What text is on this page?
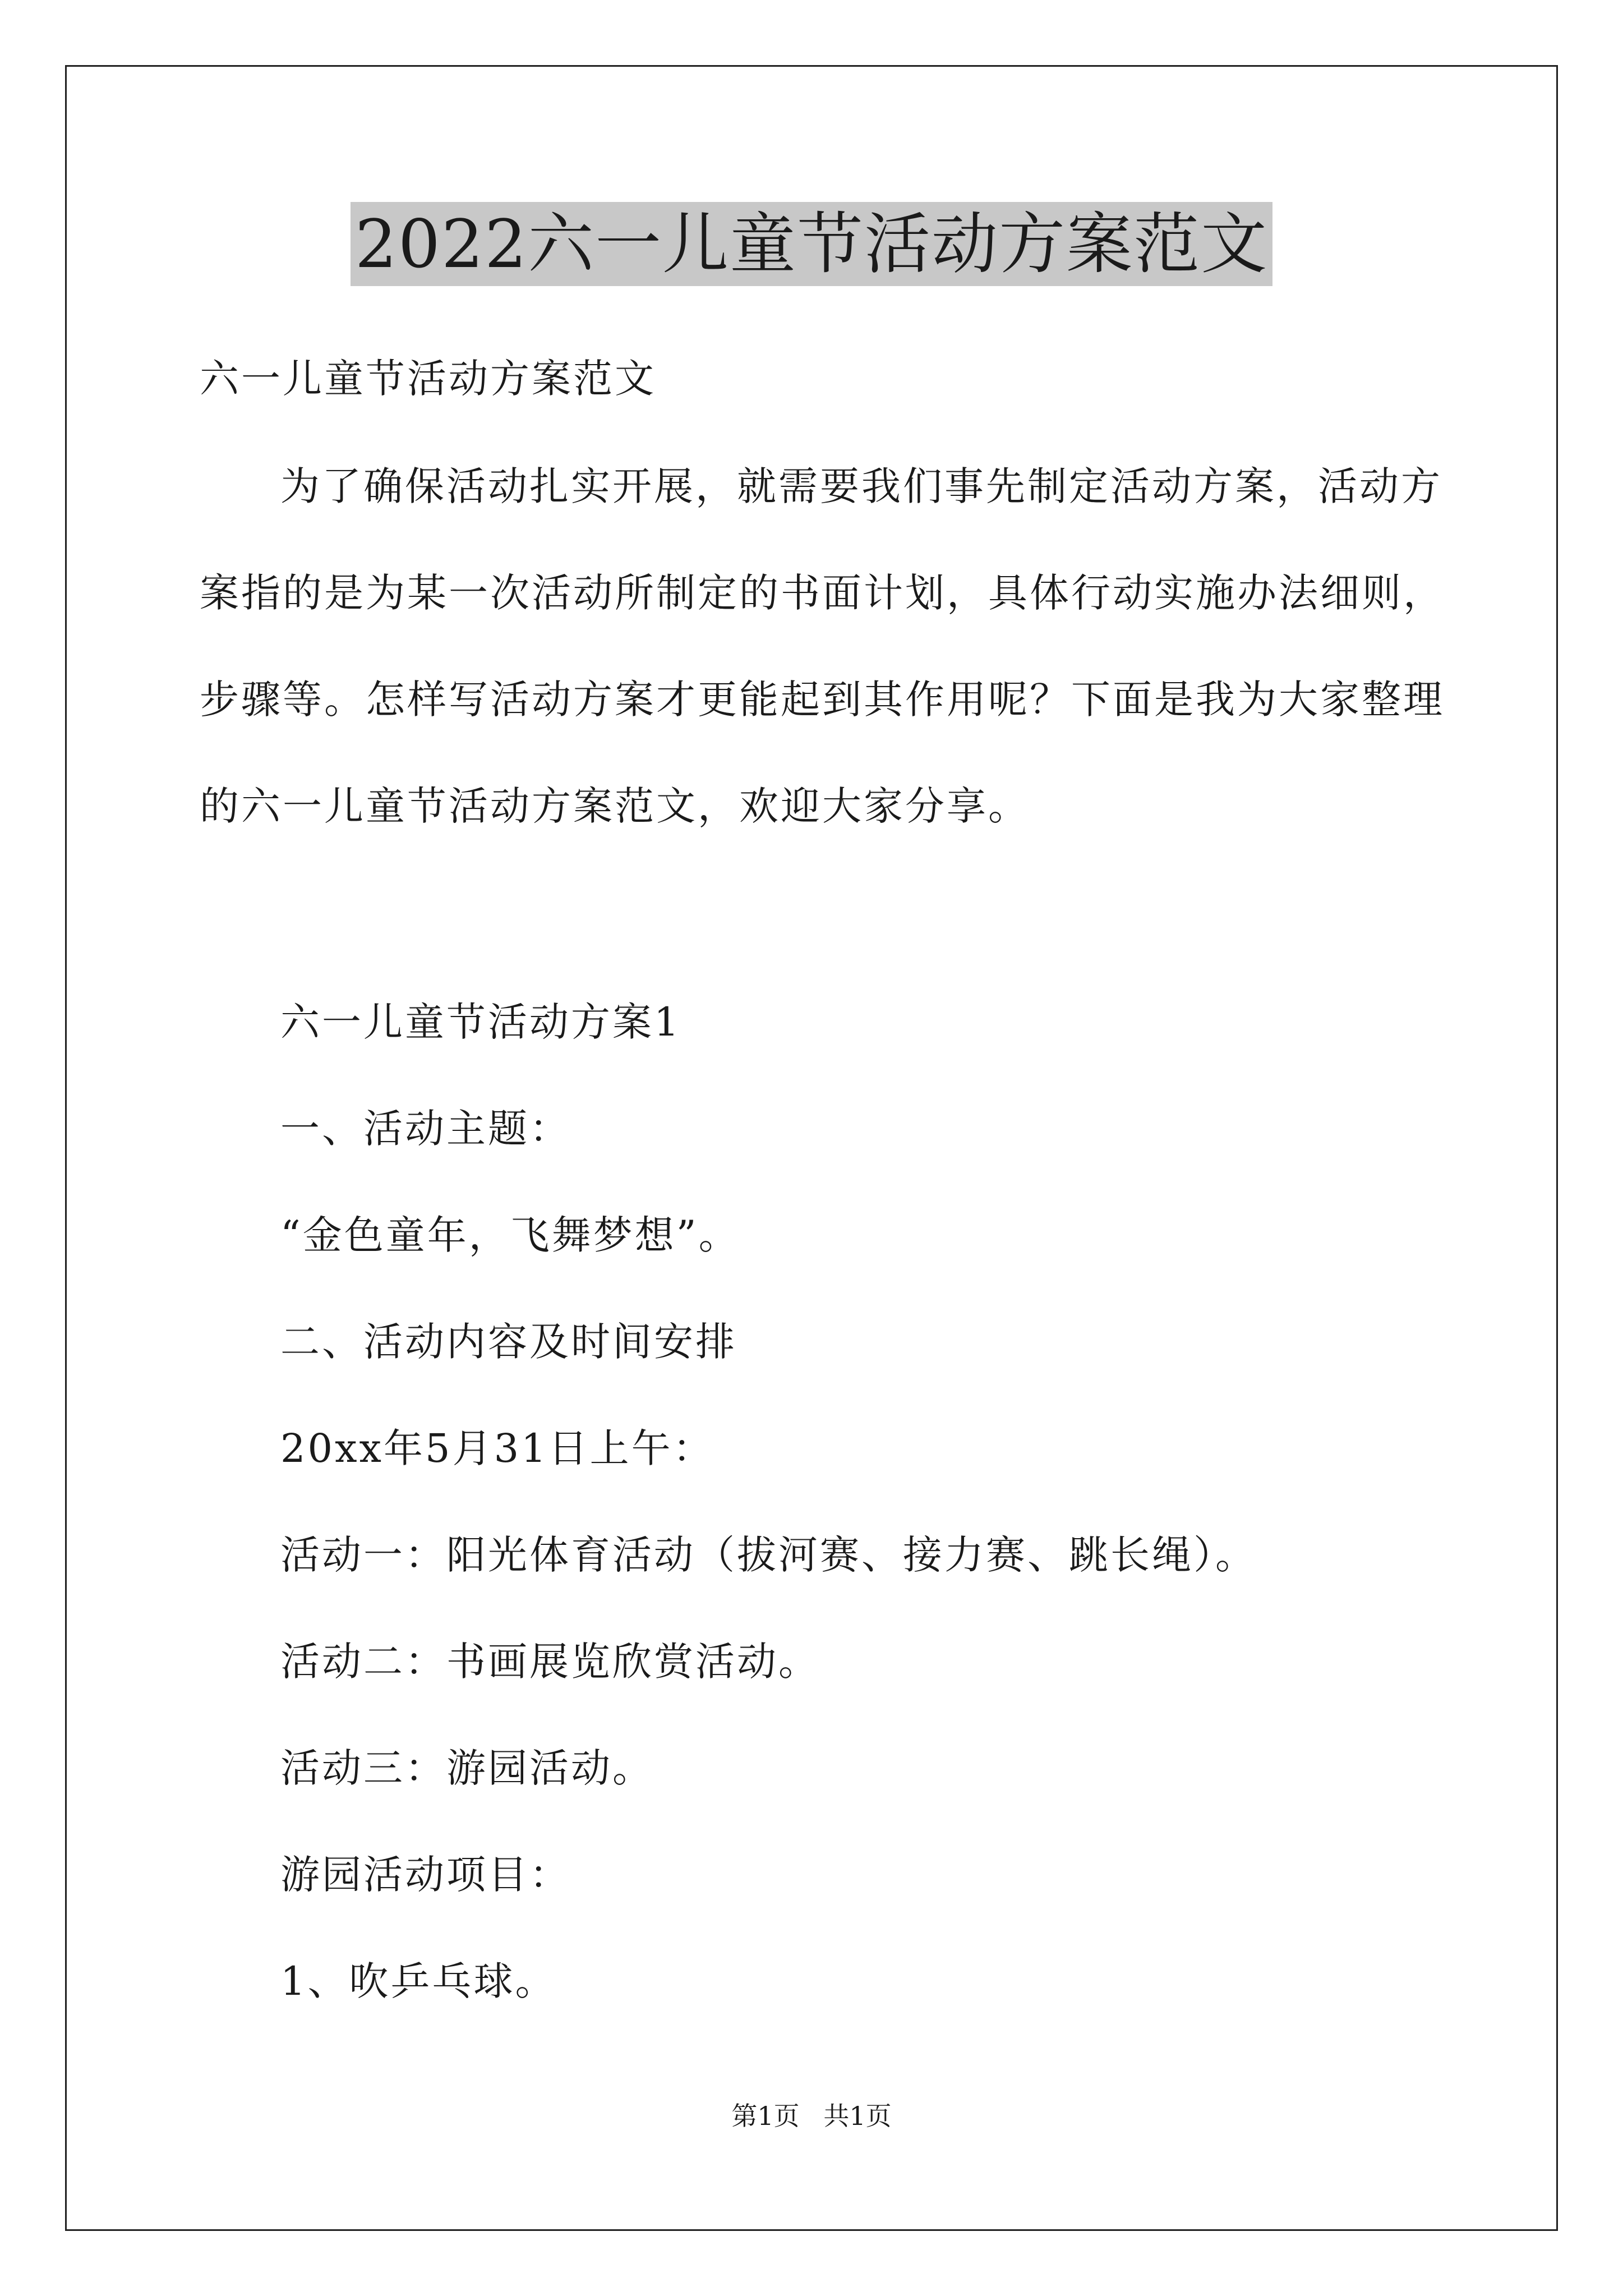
2022六一儿童节活动方案范文
六一儿童节活动方案范文
为了确保活动扎实开展，就需要我们事先制定活动方案，活动方
案指的是为某一次活动所制定的书面计划，具体行动实施办法细则，
步骤等。怎样写活动方案才更能起到其作用呢？下面是我为大家整理
的六一儿童节活动方案范文，欢迎大家分享。
六一儿童节活动方案1
一、活动主题：
“金色童年，飞舞梦想”。
二、活动内容及时间安排
20xx年5月31日上午：
活动一：阳光体育活动（拔河赛、接力赛、跳长绳）。
活动二：书画展览欣赏活动。
活动三：游园活动。
游园活动项目：
1、吹乒乓球。
第1页 共1页
